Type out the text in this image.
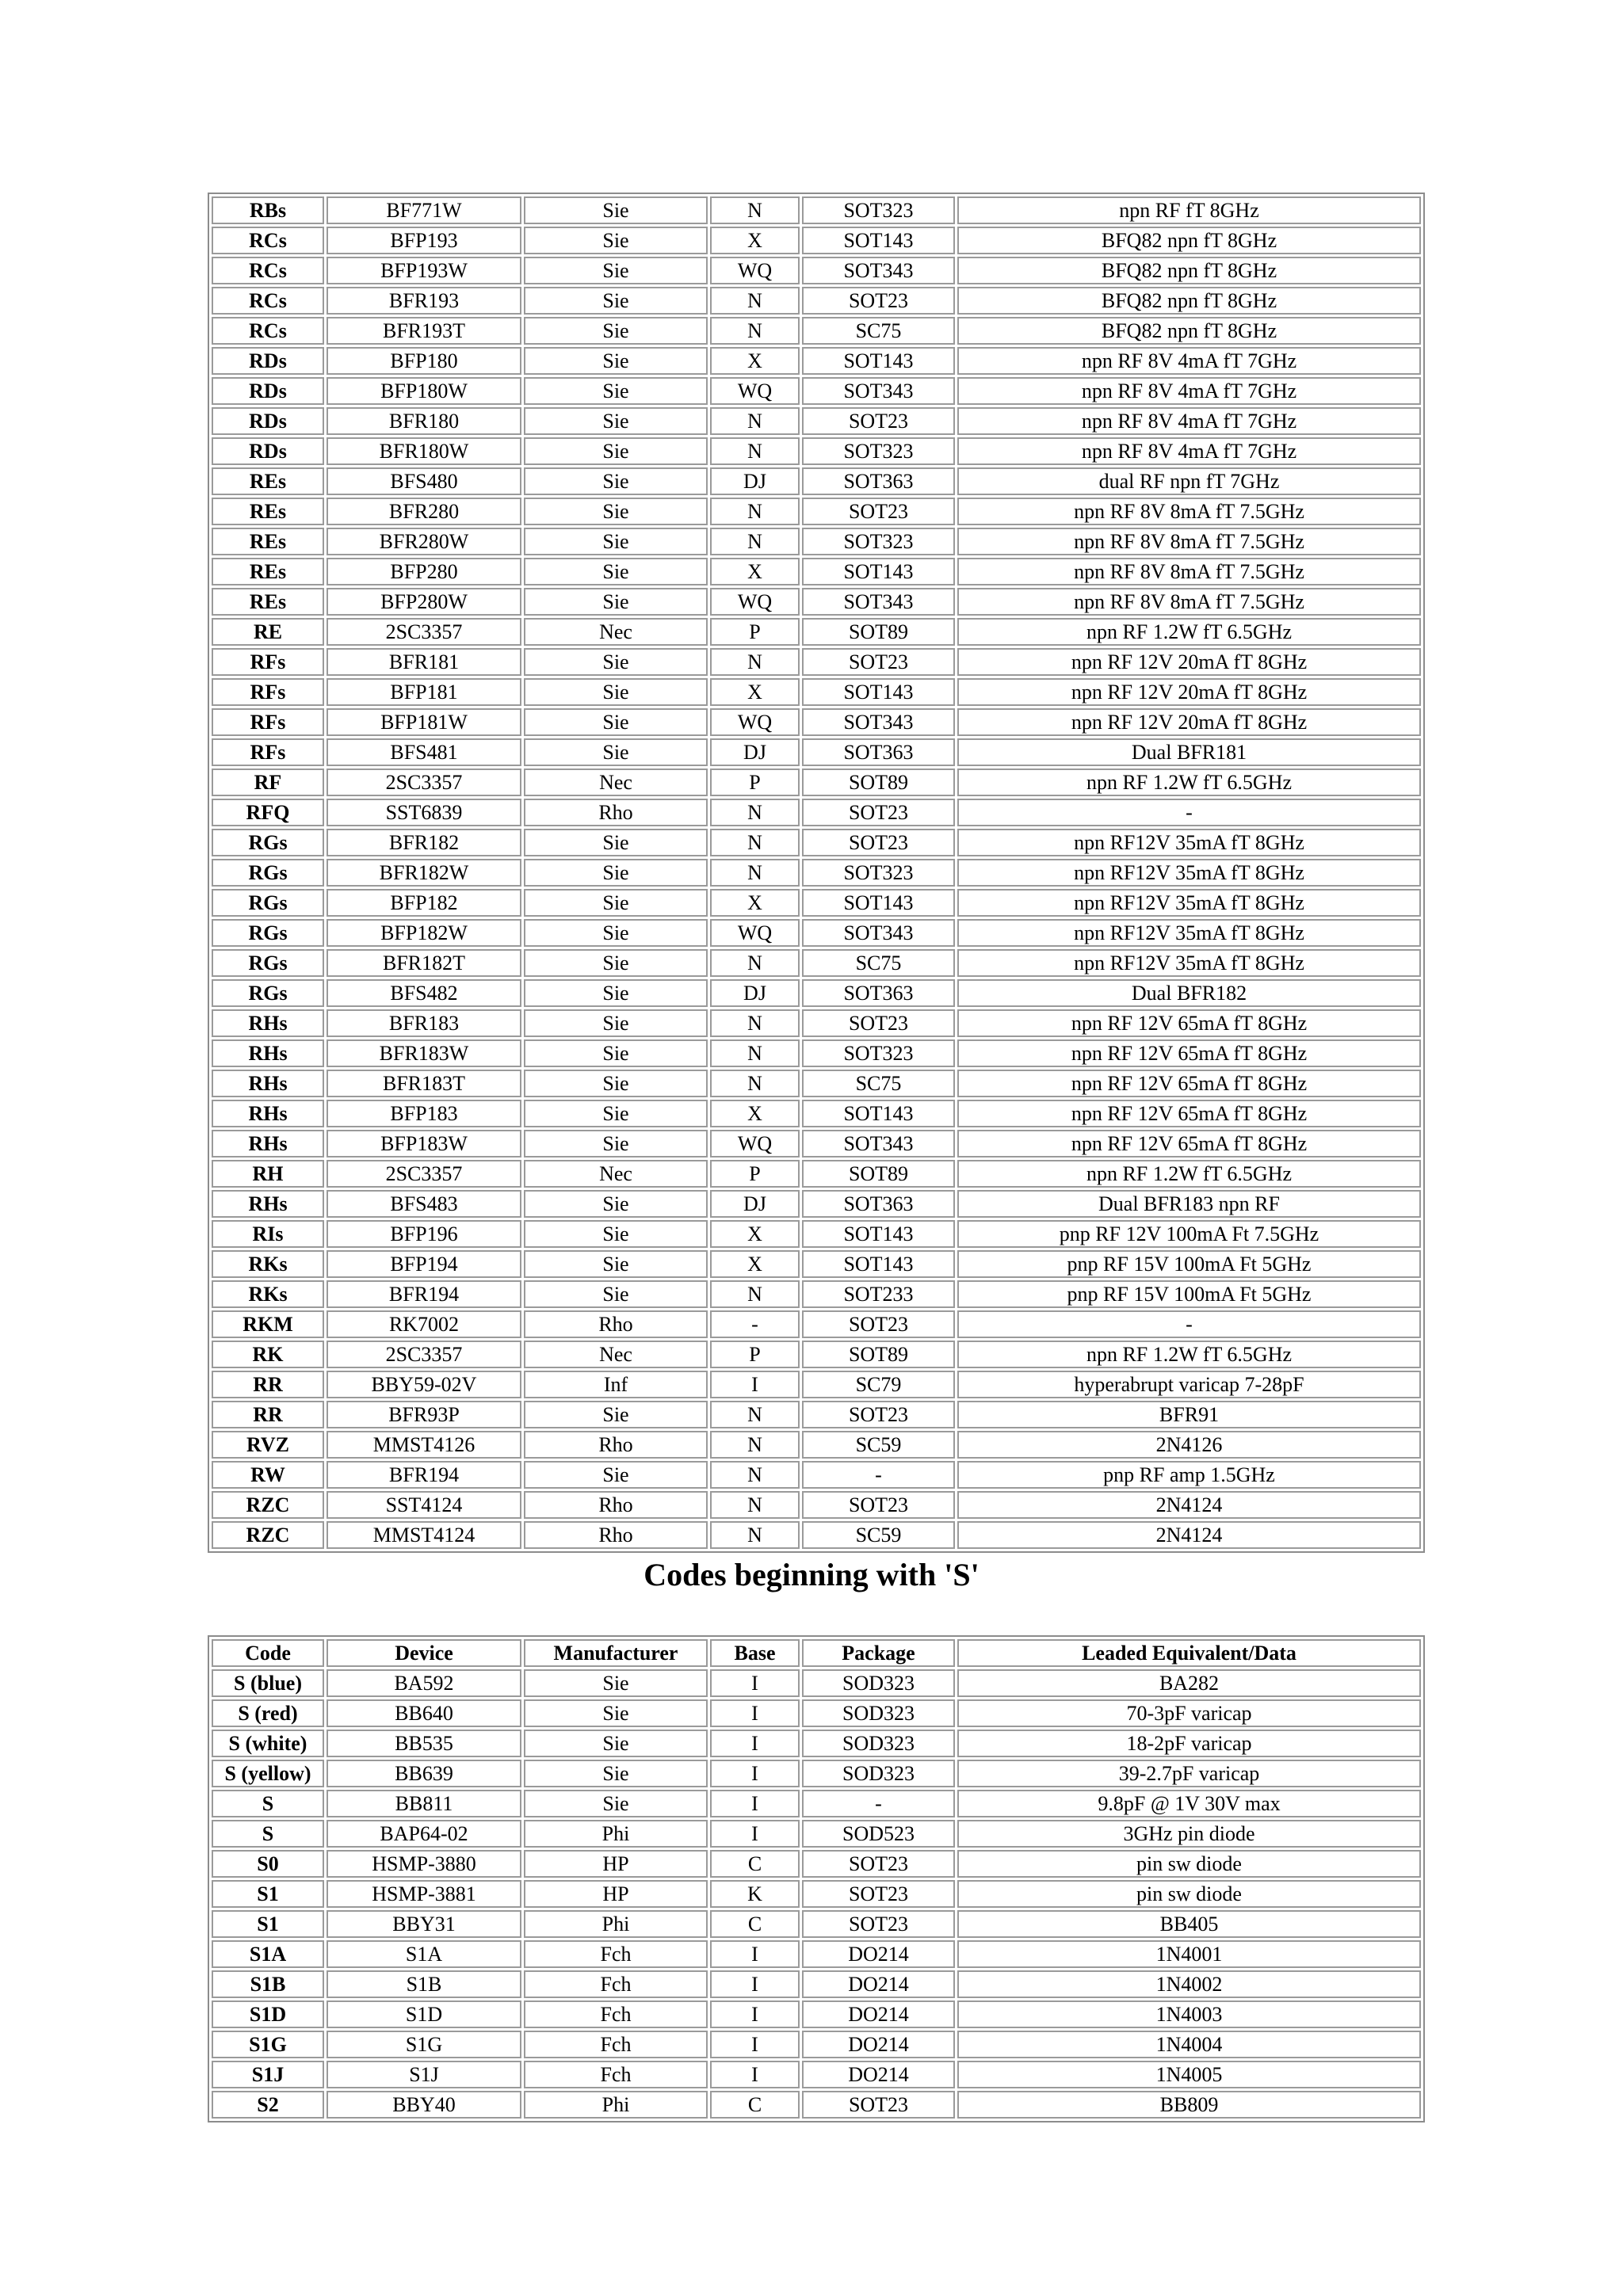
RBs	BF771W	Sie	N	SOT323	npn RF fT 8GHz
RCs	BFP193	Sie	X	SOT143	BFQ82 npn fT 8GHz
RCs	BFP193W	Sie	WQ	SOT343	BFQ82 npn fT 8GHz
RCs	BFR193	Sie	N	SOT23	BFQ82 npn fT 8GHz
RCs	BFR193T	Sie	N	SC75	BFQ82 npn fT 8GHz
RDs	BFP180	Sie	X	SOT143	npn RF 8V 4mA fT 7GHz
RDs	BFP180W	Sie	WQ	SOT343	npn RF 8V 4mA fT 7GHz
RDs	BFR180	Sie	N	SOT23	npn RF 8V 4mA fT 7GHz
RDs	BFR180W	Sie	N	SOT323	npn RF 8V 4mA fT 7GHz
REs	BFS480	Sie	DJ	SOT363	dual RF npn fT 7GHz
REs	BFR280	Sie	N	SOT23	npn RF 8V 8mA fT 7.5GHz
REs	BFR280W	Sie	N	SOT323	npn RF 8V 8mA fT 7.5GHz
REs	BFP280	Sie	X	SOT143	npn RF 8V 8mA fT 7.5GHz
REs	BFP280W	Sie	WQ	SOT343	npn RF 8V 8mA fT 7.5GHz
RE	2SC3357	Nec	P	SOT89	npn RF 1.2W fT 6.5GHz
RFs	BFR181	Sie	N	SOT23	npn RF 12V 20mA fT 8GHz
RFs	BFP181	Sie	X	SOT143	npn RF 12V 20mA fT 8GHz
RFs	BFP181W	Sie	WQ	SOT343	npn RF 12V 20mA fT 8GHz
RFs	BFS481	Sie	DJ	SOT363	Dual BFR181
RF	2SC3357	Nec	P	SOT89	npn RF 1.2W fT 6.5GHz
RFQ	SST6839	Rho	N	SOT23	-
RGs	BFR182	Sie	N	SOT23	npn RF12V 35mA fT 8GHz
RGs	BFR182W	Sie	N	SOT323	npn RF12V 35mA fT 8GHz
RGs	BFP182	Sie	X	SOT143	npn RF12V 35mA fT 8GHz
RGs	BFP182W	Sie	WQ	SOT343	npn RF12V 35mA fT 8GHz
RGs	BFR182T	Sie	N	SC75	npn RF12V 35mA fT 8GHz
RGs	BFS482	Sie	DJ	SOT363	Dual BFR182
RHs	BFR183	Sie	N	SOT23	npn RF 12V 65mA fT 8GHz
RHs	BFR183W	Sie	N	SOT323	npn RF 12V 65mA fT 8GHz
RHs	BFR183T	Sie	N	SC75	npn RF 12V 65mA fT 8GHz
RHs	BFP183	Sie	X	SOT143	npn RF 12V 65mA fT 8GHz
RHs	BFP183W	Sie	WQ	SOT343	npn RF 12V 65mA fT 8GHz
RH	2SC3357	Nec	P	SOT89	npn RF 1.2W fT 6.5GHz
RHs	BFS483	Sie	DJ	SOT363	Dual BFR183 npn RF
RIs	BFP196	Sie	X	SOT143	pnp RF 12V 100mA Ft 7.5GHz
RKs	BFP194	Sie	X	SOT143	pnp RF 15V 100mA Ft 5GHz
RKs	BFR194	Sie	N	SOT233	pnp RF 15V 100mA Ft 5GHz
RKM	RK7002	Rho	-	SOT23	-
RK	2SC3357	Nec	P	SOT89	npn RF 1.2W fT 6.5GHz
RR	BBY59-02V	Inf	I	SC79	hyperabrupt varicap 7-28pF
RR	BFR93P	Sie	N	SOT23	BFR91
RVZ	MMST4126	Rho	N	SC59	2N4126
RW	BFR194	Sie	N	-	pnp RF amp 1.5GHz
RZC	SST4124	Rho	N	SOT23	2N4124
RZC	MMST4124	Rho	N	SC59	2N4124
Codes beginning with 'S'
Code	Device	Manufacturer	Base	Package	Leaded Equivalent/Data
S (blue)	BA592	Sie	I	SOD323	BA282
S (red)	BB640	Sie	I	SOD323	70-3pF varicap
S (white)	BB535	Sie	I	SOD323	18-2pF varicap
S (yellow)	BB639	Sie	I	SOD323	39-2.7pF varicap
S	BB811	Sie	I	-	9.8pF @ 1V 30V max
S	BAP64-02	Phi	I	SOD523	3GHz pin diode
S0	HSMP-3880	HP	C	SOT23	pin sw diode
S1	HSMP-3881	HP	K	SOT23	pin sw diode
S1	BBY31	Phi	C	SOT23	BB405
S1A	S1A	Fch	I	DO214	1N4001
S1B	S1B	Fch	I	DO214	1N4002
S1D	S1D	Fch	I	DO214	1N4003
S1G	S1G	Fch	I	DO214	1N4004
S1J	S1J	Fch	I	DO214	1N4005
S2	BBY40	Phi	C	SOT23	BB809
